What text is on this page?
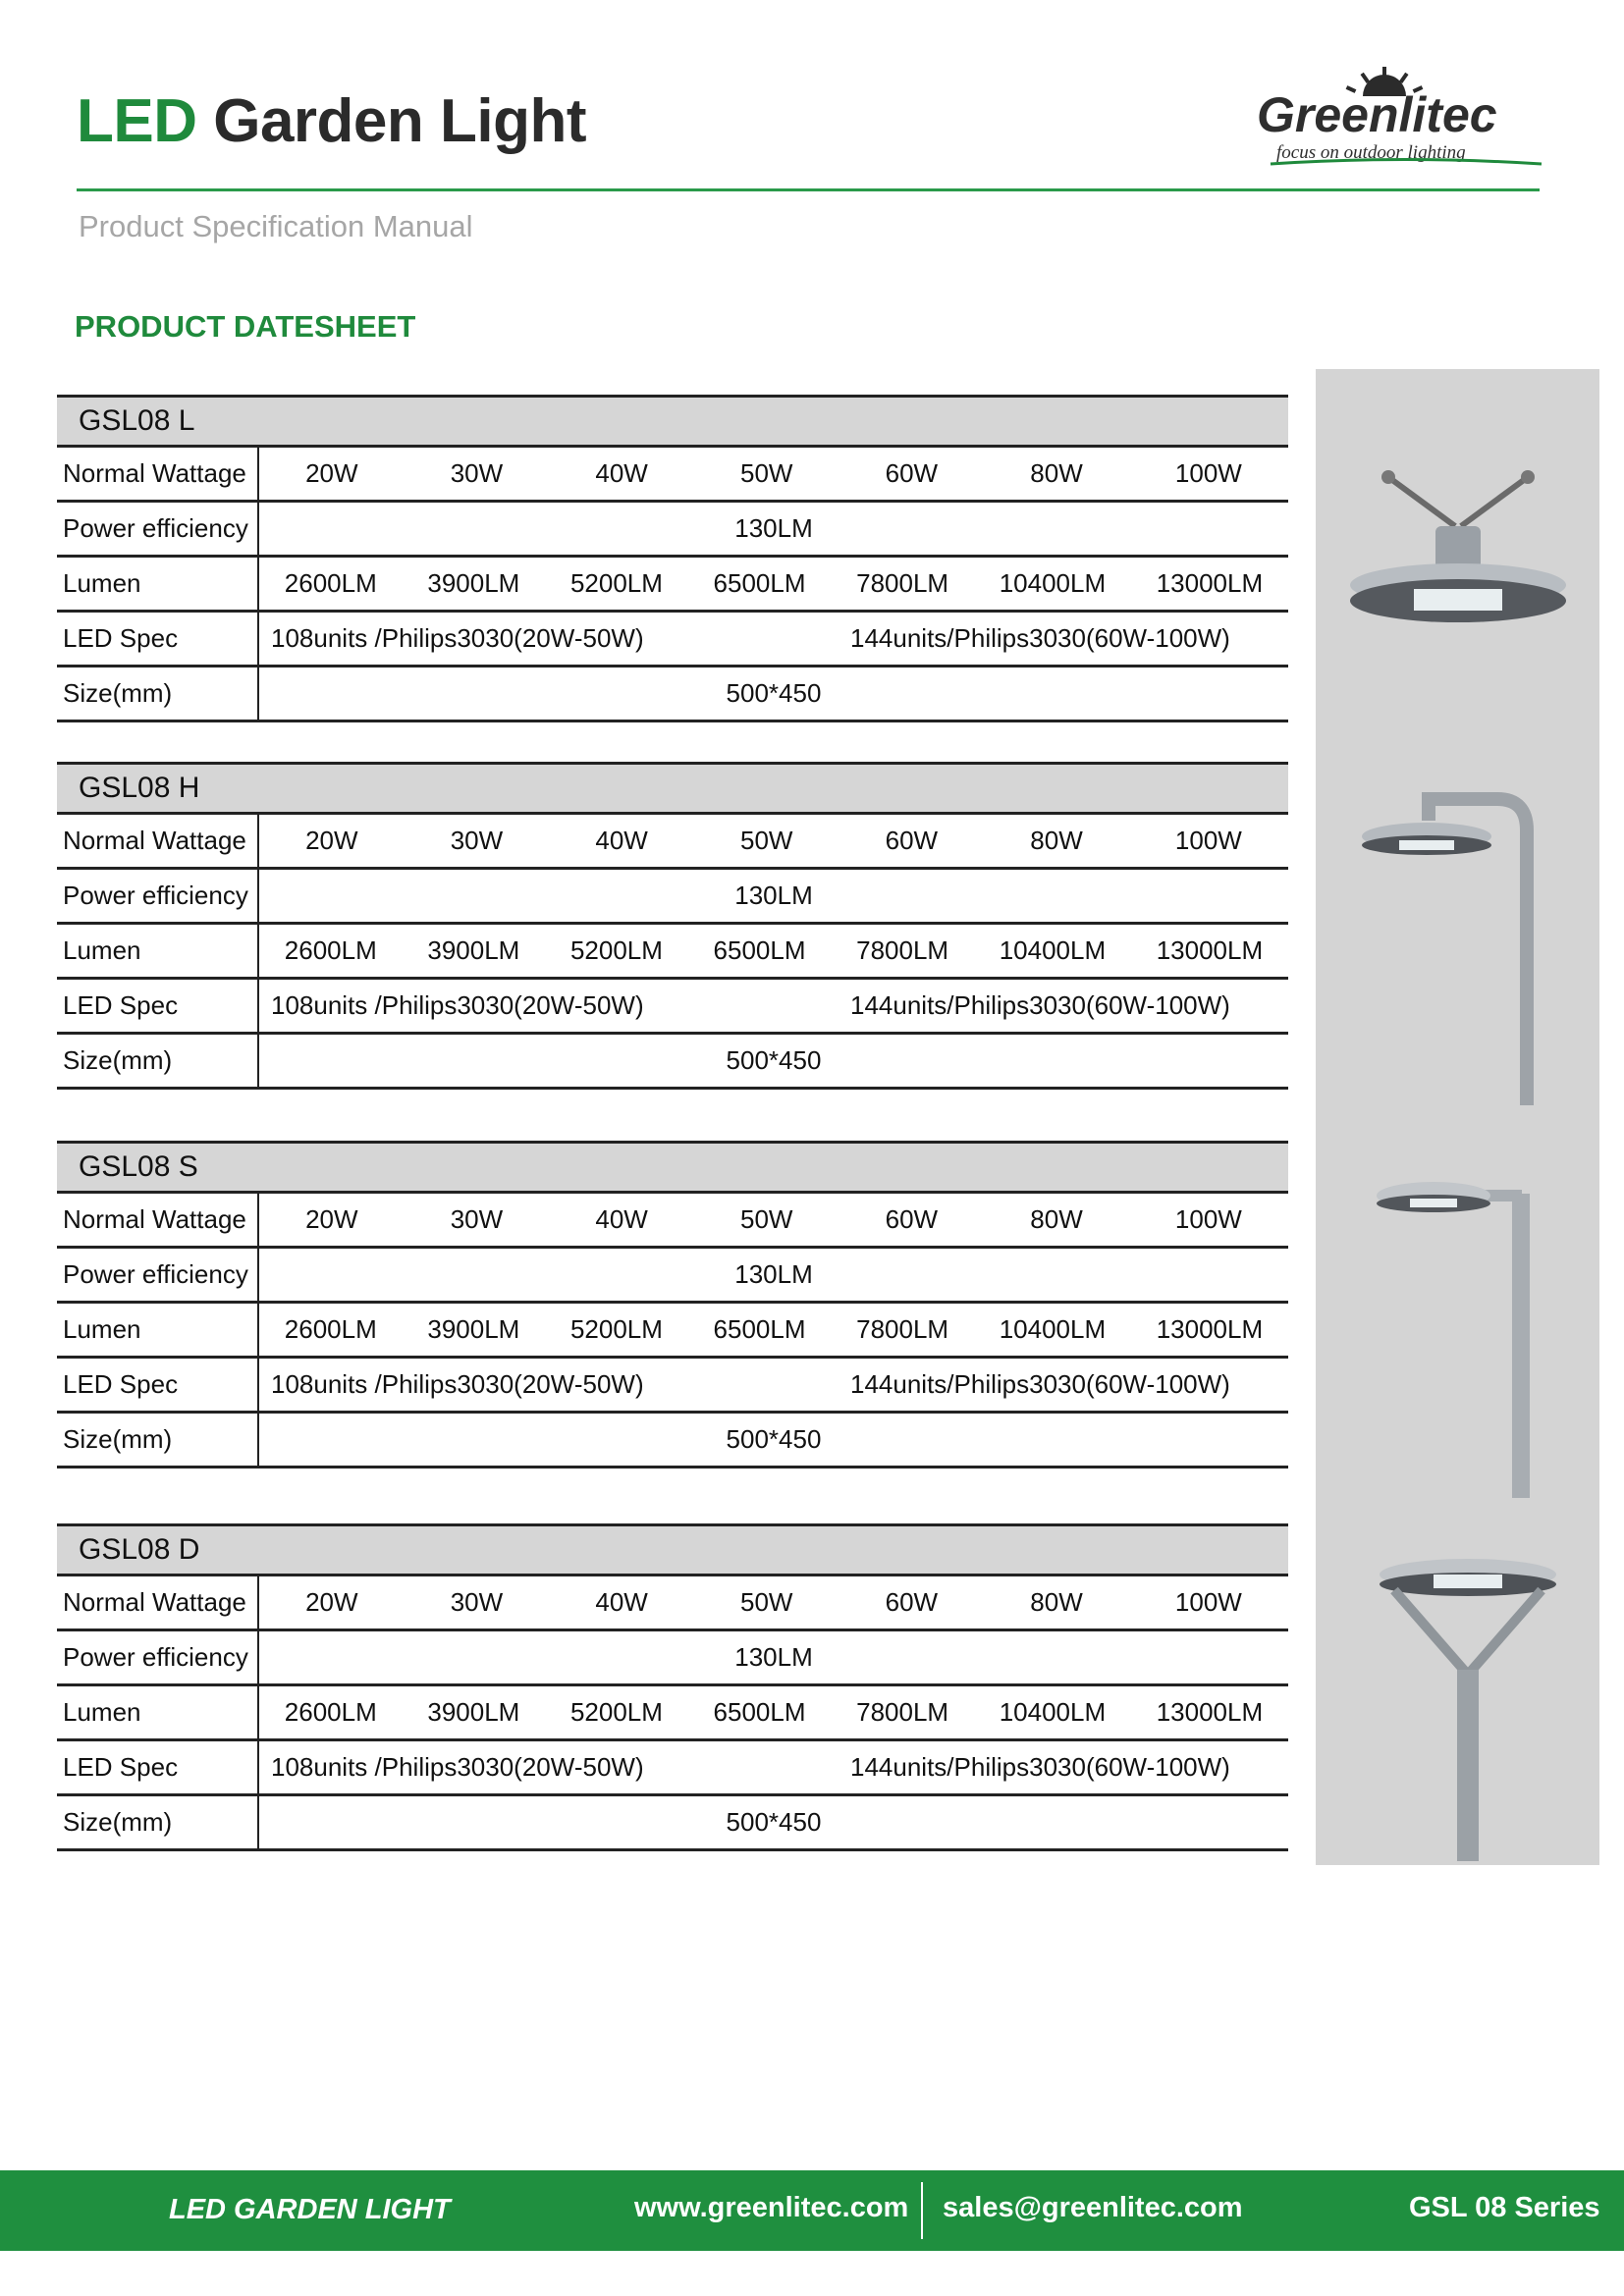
LED Garden Light	Greenlitec
focus on outdoor lighting
Product Specification Manual
PRODUCT DATESHEET
GSL08 L
Normal Wattage	20W	30W	40W	50W	60W	80W	100W
Power efficiency	130LM
Lumen	2600LM 3900LM 5200LM 6500LM 7800LM 10400LM 13000LM
LED Spec	108units /Philips3030(20W-50W)	144units/Philips3030(60W-100W)
Size(mm)	500*450
GSL08 H
Normal Wattage	20W	30W	40W	50W	60W	80W	100W
Power efficiency	130LM
Lumen	2600LM 3900LM 5200LM 6500LM 7800LM 10400LM 13000LM
LED Spec	108units /Philips3030(20W-50W)	144units/Philips3030(60W-100W)
Size(mm)	500*450
GSL08 S
Normal Wattage	20W	30W	40W	50W	60W	80W	100W
Power efficiency	130LM
Lumen	2600LM 3900LM 5200LM 6500LM 7800LM 10400LM 13000LM
LED Spec	108units /Philips3030(20W-50W)	144units/Philips3030(60W-100W)
Size(mm)	500*450
GSL08 D
Normal Wattage	20W	30W	40W	50W	60W	80W	100W
Power efficiency	130LM
Lumen	2600LM 3900LM 5200LM 6500LM 7800LM 10400LM 13000LM
LED Spec	108units /Philips3030(20W-50W)	144units/Philips3030(60W-100W)
Size(mm)	500*450
LED GARDEN LIGHT	www.greenlitec.com sales@greenlitec.com	GSL 08 Series
